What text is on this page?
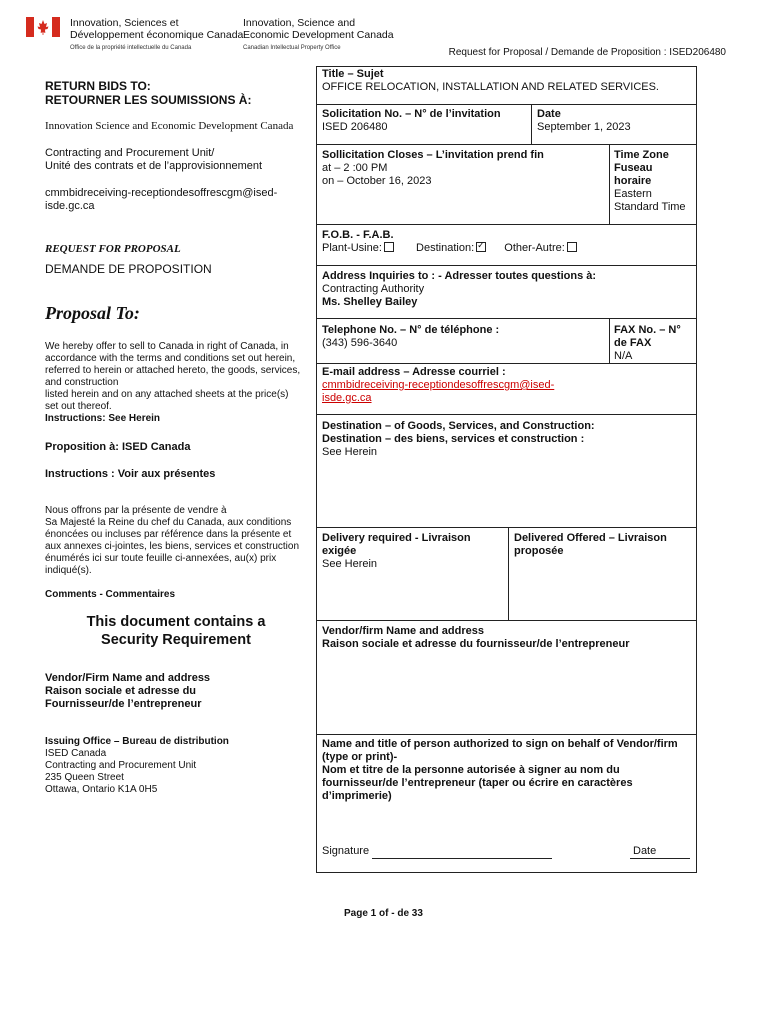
Innovation, Sciences et
Développement économique Canada
Office de la propriété intellectuelle du Canada
Innovation, Science and
Economic Development Canada
Canadian Intellectual Property Office	Request for Proposal / Demande de Proposition : ISED206480
RETURN BIDS TO:
RETOURNER LES SOUMISSIONS À:
Innovation Science and Economic Development Canada
Contracting and Procurement Unit/
Unité des contrats et de l’approvisionnement
cmmbidreceiving-receptiondesoffrescgm@ised-
isde.gc.ca
REQUEST FOR PROPOSAL
DEMANDE DE PROPOSITION
Proposal To:
We hereby offer to sell to Canada in right of Canada, in
accordance with the terms and conditions set out herein,
referred to herein or attached hereto, the goods, services,
and construction
listed herein and on any attached sheets at the price(s)
set out thereof.
Instructions: See Herein
Proposition à: ISED Canada
Instructions : Voir aux présentes
Nous offrons par la présente de vendre à
Sa Majesté la Reine du chef du Canada, aux conditions
énoncées ou incluses par référence dans la présente et
aux annexes ci-jointes, les biens, services et construction
énumérés ici sur toute feuille ci-annexées, au(x) prix
indiqué(s).
Comments - Commentaires
This document contains a
Security Requirement
Vendor/Firm Name and address
Raison sociale et adresse du
Fournisseur/de l’entrepreneur
Issuing Office – Bureau de distribution
ISED Canada
Contracting and Procurement Unit
235 Queen Street
Ottawa, Ontario K1A 0H5
Title – Sujet
OFFICE RELOCATION, INSTALLATION AND RELATED SERVICES.
Solicitation No. – N° de l’invitation
ISED 206480
Date
September 1, 2023
Sollicitation Closes – L’invitation prend fin
at – 2 :00 PM
on – October 16, 2023
Time Zone
Fuseau
horaire
Eastern
Standard Time
F.O.B. - F.A.B.
Plant-Usine:	Destination:✓	Other-Autre:
Address Inquiries to : - Adresser toutes questions à:
Contracting Authority
Ms. Shelley Bailey
Telephone No. – N° de téléphone :
(343) 596-3640
FAX No. – N°
de FAX
N/A
E-mail address – Adresse courriel :
cmmbidreceiving-receptiondesoffrescgm@ised-
isde.gc.ca
Destination – of Goods, Services, and Construction:
Destination – des biens, services et construction :
See Herein
Delivery required - Livraison
exigée
See Herein
Delivered Offered – Livraison
proposée
Vendor/firm Name and address
Raison sociale et adresse du fournisseur/de l’entrepreneur
Name and title of person authorized to sign on behalf of Vendor/firm
(type or print)-
Nom et titre de la personne autorisée à signer au nom du
fournisseur/de l’entrepreneur (taper ou écrire en caractères
d’imprimerie)
Signature	Date
Page 1 of - de 33
